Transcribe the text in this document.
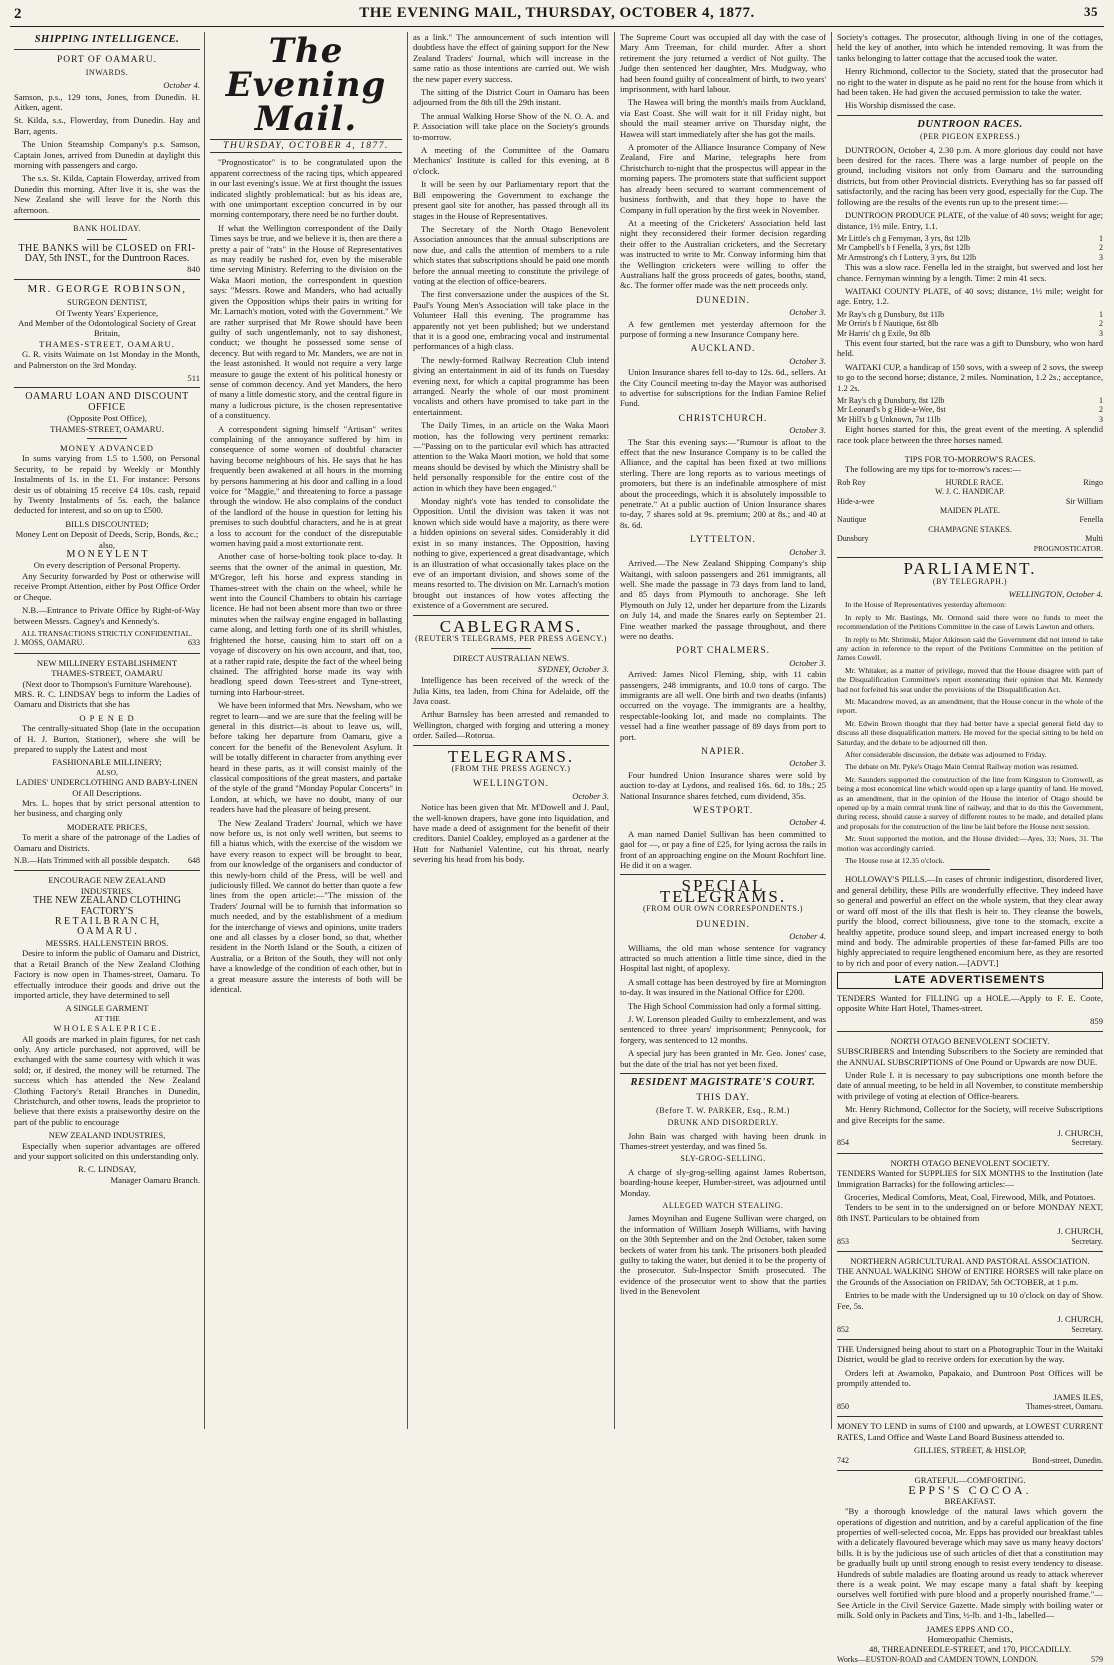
2	THE EVENING MAIL, THURSDAY, OCTOBER 4, 1877.	35
SHIPPING INTELLIGENCE.
PORT OF OAMARU.
INWARDS.
October 4.

Samson, p.s., 129 tons, Jones, from Dunedin. H. Aitken, agent.

St. Kilda, s.s., Flowerday, from Dunedin. Hay and Barr, agents.

The Union Steamship Company's p.s. Samson, Captain Jones, arrived from Dunedin at daylight this morning with passengers and cargo.

The s.s. St. Kilda, Captain Flowerday, arrived from Dunedin this morning. After live it is, she was the New Zealand she will leave for the North this afternoon.

BANK HOLIDAY.
THE BANKS will be CLOSED on FRI-
DAY, 5th INST., for the Duntroon Races.
840
MR. GEORGE ROBINSON,
SURGEON DENTIST,
Of Twenty Years' Experience,
And Member of the Odontological Society of Great Britain,
THAMES-STREET, OAMARU.

G. R. visits Waimate on 1st Monday in the Month, and Palmerston on the 3rd Monday.

511
OAMARU LOAN AND DISCOUNT OFFICE
(Opposite Post Office),
THAMES-STREET, OAMARU.
MONEY ADVANCED

In sums varying from 1.5 to 1.500, on Personal Security, to be repaid by Weekly or Monthly Instalments of 1s. in the £1. For instance: Persons desir us of obtaining 15 receive £4 10s. cash, repaid by Twenty Instalments of 5s. each, the balance deducted for interest, and so on up to £500.

BILLS DISCOUNTED;
Money Lent on Deposit of Deeds, Scrip, Bonds, &c.; also,
M O N E Y L E N T
On every description of Personal Property.

Any Security forwarded by Post or otherwise will receive Prompt Attention, either by Post Office Order or Cheque.

N.B.—Entrance to Private Office by Right-of-Way between Messrs. Cagney's and Kennedy's.

ALL TRANSACTIONS STRICTLY CONFIDENTIAL.
J. MOSS, OAMARU.	633
NEW MILLINERY ESTABLISHMENT
THAMES-STREET, OAMARU
(Next door to Thompson's Furniture Warehouse).

MRS. R. C. LINDSAY begs to inform the Ladies of Oamaru and Districts that she has

O P E N E D

The centrally-situated Shop (late in the occupation of H. J. Burton, Stationer), where she will be prepared to supply the Latest and most

FASHIONABLE MILLINERY;
ALSO,
LADIES' UNDERCLOTHING AND BABY-LINEN
Of All Descriptions.

Mrs. L. hopes that by strict personal attention to her business, and charging only

MODERATE PRICES,

To merit a share of the patronage of the Ladies of Oamaru and Districts.

N.B.—Hats Trimmed with all possible despatch. 648
ENCOURAGE NEW ZEALAND
INDUSTRIES.
THE NEW ZEALAND CLOTHING
FACTORY'S
R E T A I L B R A N C H,
O A M A R U .
MESSRS. HALLENSTEIN BROS.

Desire to inform the public of Oamaru and District, that a Retail Branch of the New Zealand Clothing Factory is now open in Thames-street, Oamaru. To effectually introduce their goods and drive out the imported article, they have determined to sell

A SINGLE GARMENT
AT THE
W H O L E S A L E P R I C E .

All goods are marked in plain figures, for net cash only. Any article purchased, not approved, will be exchanged with the same courtesy with which it was sold; or, if desired, the money will be returned. The success which has attended the New Zealand Clothing Factory's Retail Branches in Dunedin, Christchurch, and other towns, leads the proprietor to believe that there exists a praiseworthy desire on the part of the public to encourage

NEW ZEALAND INDUSTRIES,

Especially when superior advantages are offered and your support solicited on this understanding only.

R. C. LINDSAY,
Manager Oamaru Branch.
The Evening Mail.
THURSDAY, OCTOBER 4, 1877.

"Prognosticator" is to be congratulated upon the apparent correctness of the racing tips, which appeared in our last evening's issue. We at first thought the issues indicated slightly problematical: but as his ideas are, with one unimportant exception concurred in by our morning contemporary, there need be no further doubt.

If what the Wellington correspondent of the Daily Times says be true, and we believe it is, then are there a pretty a pair of "rats" in the House of Representatives as may readily be rushed for, even by the miserable time serving Ministry. Referring to the division on the Waka Maori motion, the correspondent in question says: "Messrs. Rowe and Manders, who had actually given the Opposition whips their pairs in writing for Mr. Larnach's motion, voted with the Government." We are rather surprised that Mr Rowe should have been guilty of such ungentlemanly, not to say dishonest, conduct; we thought he possessed some sense of decency. But with regard to Mr. Manders, we are not in the least astonished. It would not require a very large measure to gauge the extent of his political honesty or sense of common decency. And yet Manders, the hero of many a little domestic story, and the central figure in many a ludicrous picture, is the chosen representative of a constituency.

A correspondent signing himself "Artisan" writes complaining of the annoyance suffered by him in consequence of some women of doubtful character having become neighbours of his. He says that he has frequently been awakened at all hours in the morning by persons hammering at his door and calling in a loud voice for "Maggie," and threatening to force a passage through the window. He also complains of the conduct of the landlord of the house in question for letting his premises to such doubtful characters, and he is at great a loss to account for the conduct of the disreputable women having paid a most extortionate rent.

Another case of horse-bolting took place to-day. It seems that the owner of the animal in question, Mr. M'Gregor, left his horse and express standing in Thames-street with the chain on the wheel, while he went into the Council Chambers to obtain his carriage licence. He had not been absent more than two or three minutes when the railway engine engaged in ballasting came along, and letting forth one of its shrill whistles, frightened the horse, causing him to start off on a voyage of discovery on his own account, and that, too, at a rather rapid rate, despite the fact of the wheel being chained. The affrighted horse made its way with headlong speed down Tees-street and Tyne-street, turning into Harbour-street.

We have been informed that Mrs. Newsham, who we regret to learn—and we are sure that the feeling will be general in this district—is about to leave us, will, before taking her departure from Oamaru, give a concert for the benefit of the Benevolent Asylum. It will be totally different in character from anything ever heard in these parts, as it will consist mainly of the classical compositions of the great masters, and partake of the style of the grand "Monday Popular Concerts" in London, at which, we have no doubt, many of our readers have had the pleasure of being present.

The New Zealand Traders' Journal, which we have now before us, is not only well written, but seems to fill a hiatus which, with the exercise of the wisdom we have every reason to expect will be brought to bear, from our knowledge of the organisers and conductor of this newly-born child of the Press, will be well and judiciously filled. We cannot do better than quote a few lines from the open article:—"The mission of the Traders' Journal will be to furnish that information so much needed, and by the establishment of a medium for the interchange of views and opinions, unite traders one and all classes by a closer bond, so that, whether resident in the North Island or the South, a citizen of Australia, or a Briton of the South, they will not only have a knowledge of the condition of each other, but in a great measure assure the interests of both will be identical.

as a link." The announcement of such intention will doubtless have the effect of gaining support for the New Zealand Traders' Journal, which will increase in the same ratio as those intentions are carried out. We wish the new paper every success.

The sitting of the District Court in Oamaru has been adjourned from the 8th till the 29th instant.

The annual Walking Horse Show of the N. O. A. and P. Association will take place on the Society's grounds to-morrow.

A meeting of the Committee of the Oamaru Mechanics' Institute is called for this evening, at 8 o'clock.

It will be seen by our Parliamentary report that the Bill empowering the Government to exchange the present gaol site for another, has passed through all its stages in the House of Representatives.

The Secretary of the North Otago Benevolent Association announces that the annual subscriptions are now due, and calls the attention of members to a rule which states that subscriptions should be paid one month before the annual meeting to constitute the privilege of voting at the election of office-bearers.

The first conversazione under the auspices of the St. Paul's Young Men's Association will take place in the Volunteer Hall this evening. The programme has apparently not yet been published; but we understand that it is a good one, embracing vocal and instrumental performances of a high class.

The newly-formed Railway Recreation Club intend giving an entertainment in aid of its funds on Tuesday evening next, for which a capital programme has been arranged. Nearly the whole of our most prominent vocalists and others have promised to take part in the entertainment.

The Daily Times, in an article on the Waka Maori motion, has the following very pertinent remarks:—"Passing on to the particular evil which has attracted attention to the Waka Maori motion, we hold that some means should be devised by which the Ministry shall be held personally responsible for the entire cost of the action in which they have been engaged."

Monday night's vote has tended to consolidate the Opposition. Until the division was taken it was not known which side would have a majority, as there were a hidden opinions on several sides. Considerably it did exist in so many instances. The Opposition, having nothing to give, experienced a great disadvantage, which is an illustration of what occasionally takes place on the eve of an important division, and shows some of the means resorted to. The division on Mr. Larnach's motion brought out instances of how votes affecting the existence of a Government are secured.

CABLEGRAMS.
(REUTER'S TELEGRAMS, PER PRESS AGENCY.)
DIRECT AUSTRALIAN NEWS.
SYDNEY, October 3.

Intelligence has been received of the wreck of the Julia Kitts, tea laden, from China for Adelaide, off the Java coast.

Arthur Barnsley has been arrested and remanded to Wellington, charged with forging and uttering a money order. Sailed—Rotorua.

TELEGRAMS.
(FROM THE PRESS AGENCY.)
WELLINGTON.
October 3.

Notice has been given that Mr. M'Dowell and J. Paul, the well-known drapers, have gone into liquidation, and have made a deed of assignment for the benefit of their creditors. Daniel Coakley, employed as a gardener at the Hutt for Nathaniel Valentine, cut his throat, nearly severing his head from his body.

The Supreme Court was occupied all day with the case of Mary Ann Treeman, for child murder. After a short retirement the jury returned a verdict of Not guilty. The Judge then sentenced her daughter, Mrs. Mudgway, who had been found guilty of concealment of birth, to two years' imprisonment, with hard labour.

The Hawea will bring the month's mails from Auckland, via East Coast. She will wait for it till Friday night, but should the mail steamer arrive on Thursday night, the Hawea will start immediately after she has got the mails.

A promoter of the Alliance Insurance Company of New Zealand, Fire and Marine, telegraphs here from Christchurch to-night that the prospectus will appear in the morning papers. The promoters state that sufficient support has already been secured to warrant commencement of business forthwith, and that they hope to have the Company in full operation by the first week in November.

At a meeting of the Cricketers' Association held last night they reconsidered their former decision regarding their offer to the Australian cricketers, and the Secretary was instructed to write to Mr. Conway informing him that the Wellington cricketers were willing to offer the Australians half the gross proceeds of gates, booths, stand, &c. The former offer made was the nett proceeds only.

DUNEDIN.
October 3.

A few gentlemen met yesterday afternoon for the purpose of forming a new Insurance Company here.

AUCKLAND.
October 3.

Union Insurance shares fell to-day to 12s. 6d., sellers. At the City Council meeting to-day the Mayor was authorised to advertise for subscriptions for the Indian Famine Relief Fund.

CHRISTCHURCH.
October 3.

The Star this evening says:—"Rumour is afloat to the effect that the new Insurance Company is to be called the Alliance, and the capital has been fixed at two millions sterling. There are long reports as to various meetings of promoters, but there is an indefinable atmosphere of mist about the proceedings, which it is absolutely impossible to penetrate." At a public auction of Union Insurance shares to-day, 7 shares sold at 9s. premium; 200 at 8s.; and 40 at 8s. 6d.

LYTTELTON.
October 3.

Arrived.—The New Zealand Shipping Company's ship Waitangi, with saloon passengers and 261 immigrants, all well. She made the passage in 73 days from land to land, and 85 days from Plymouth to anchorage. She left Plymouth on July 12, under her departure from the Lizards on July 14, and made the Snares early on September 21. Fine weather marked the passage throughout, and there were no deaths.

PORT CHALMERS.
October 3.

Arrived: James Nicol Fleming, ship, with 11 cabin passengers, 248 immigrants, and 10.0 tons of cargo. The immigrants are all well. One birth and two deaths (infants) occurred on the voyage. The immigrants are a healthy, respectable-looking lot, and made no complaints. The vessel had a fine weather passage of 89 days from port to port.

NAPIER.
October 3.

Four hundred Union Insurance shares were sold by auction to-day at Lydons, and realised 16s. 6d. to 18s.; 25 National Insurance shares fetched, cum dividend, 35s.

WESTPORT.
October 4.

A man named Daniel Sullivan has been committed to gaol for —, or pay a fine of £25, for lying across the rails in front of an approaching engine on the Mount Rochfort line. He did it on a wager.

SPECIAL TELEGRAMS.
(FROM OUR OWN CORRESPONDENTS.)
DUNEDIN.
October 4.

Williams, the old man whose sentence for vagrancy attracted so much attention a little time since, died in the Hospital last night, of apoplexy.

A small cottage has been destroyed by fire at Mornington to-day. It was insured in the National Office for £200.

The High School Commission had only a formal sitting.

J. W. Lorenson pleaded Guilty to embezzlement, and was sentenced to three years' imprisonment; Pennycook, for forgery, was sentenced to 12 months.

A special jury has been granted in Mr. Geo. Jones' case, but the date of the trial has not yet been fixed.

RESIDENT MAGISTRATE'S COURT.
THIS DAY.
(Before T. W. PARKER, Esq., R.M.)
DRUNK AND DISORDERLY.

John Bain was charged with having been drunk in Thames-street yesterday, and was fined 5s.

SLY-GROG-SELLING.

A charge of sly-grog-selling against James Robertson, boarding-house keeper, Humber-street, was adjourned until Monday.

ALLEGED WATCH STEALING.

James Moynihan and Eugene Sullivan were charged, on the information of William Joseph Williams, with having on the 30th September and on the 2nd October, taken some beckets of water from his tank. The prisoners both pleaded guilty to taking the water, but denied it to be the property of the prosecutor. Sub-Inspector Smith prosecuted. The evidence of the prosecutor went to show that the parties lived in the Benevolent

Society's cottages. The prosecutor, although living in one of the cottages, held the key of another, into which he intended removing. It was from the tanks belonging to latter cottage that the accused took the water.

Henry Richmond, collector to the Society, stated that the prosecutor had no right to the water in dispute as he paid no rent for the house from which it had been taken. He had given the accused permission to take the water.

His Worship dismissed the case.

DUNTROON RACES.
(PER PIGEON EXPRESS.)

DUNTROON, October 4, 2.30 p.m. A more glorious day could not have been desired for the races. There was a large number of people on the ground, including visitors not only from Oamaru and the surrounding districts, but from other Provincial districts. Everything has so far passed off satisfactorily, and the racing has been very good, especially for the Cup. The following are the results of the events run up to the present time:—

DUNTROON PRODUCE PLATE, of the value of 40 sovs; weight for age; distance, 1½ mile. Entry, 1.1.

Mr Little's ch g Fernyman, 3 yrs, 8st 12lb	1
Mr Campbell's b f Fenella, 3 yrs, 8st 12lb	2
Mr Armstrong's ch f Lottery, 3 yrs, 8st 12lb	3

This was a slow race. Fenella led in the straight, but swerved and lost her chance. Fernyman winning by a length. Time: 2 min 41 secs.

WAITAKI COUNTY PLATE, of 40 sovs; distance, 1½ mile; weight for age. Entry, 1.2.

Mr Ray's ch g Dunsbury, 8st 11lb	1
Mr Orrin's b f Nautique, 6st 8lb	2
Mr Harris' ch g Exile, 9st 8lb	3

This event four started, but the race was a gift to Dunsbury, who won hard held.

WAITAKI CUP, a handicap of 150 sovs, with a sweep of 2 sovs, the sweep to go to the second horse; distance, 2 miles. Nomination, 1.2 2s.; acceptance, 1.2 2s.

Mr Ray's ch g Dunsbury, 8st 12lb	1
Mr Leonard's b g Hide-a-Wee, 8st	2
Mr Hill's b g Unknown, 7st 11lb	3

Eight horses started for this, the great event of the meeting. A splendid race took place between the three horses named.

TIPS FOR TO-MORROW'S RACES.

The following are my tips for to-morrow's races:—

Rob Roy	HURDLE RACE.	Ringo
W. J. C. HANDICAP.
Hide-a-wee	Sir William
MAIDEN PLATE.
Nautique	Fenella
CHAMPAGNE STAKES.
Dunsbury	Multi
PROGNOSTICATOR.
PARLIAMENT.
(BY TELEGRAPH.)
WELLINGTON, October 4.

In the House of Representatives yesterday afternoon:

In reply to Mr. Bastings, Mr. Ormond said there were no funds to meet the recommendation of the Petitions Committee in the case of Lewis Lawton and others.

In reply to Mr. Shrimski, Major Atkinson said the Government did not intend to take any action in reference to the report of the Petitions Committee on the petition of James Cowell.

Mr. Whitaker, as a matter of privilege, moved that the House disagree with part of the Disqualification Committee's report exonerating their opinion that Mr. Kennedy had not forfeited his seat under the provisions of the Disqualification Act.

Mr. Macandrew moved, as an amendment, that the House concur in the whole of the report.

Mr. Edwin Brown thought that they had better have a special general field day to discuss all these disqualification matters. He moved for the special sitting to be held on Saturday, and the debate to be adjourned till then.

After considerable discussion, the debate was adjourned to Friday.

The debate on Mr. Pyke's Otago Main Central Railway motion was resumed.

Mr. Saunders supported the construction of the line from Kingston to Cromwell, as being a most economical line which would open up a large quantity of land. He moved, as an amendment, that in the opinion of the House the interior of Otago should be opened up by a main central trunk line of railway, and that to do this the Government, during recess, should cause a survey of different routes to be made, and detailed plans and proposals for the construction of the line be laid before the House next session.

Mr. Stout supported the motion, and the House divided:—Ayes, 33; Noes, 31. The motion was accordingly carried.

The House rose at 12.35 o'clock.

HOLLOWAY'S PILLS.—In cases of chronic indigestion, disordered liver, and general debility, these Pills are wonderfully effective. They indeed have so general and powerful an effect on the whole system, that they clear away or ward off most of the ills that flesh is heir to. They cleanse the bowels, purify the blood, correct biliousness, give tone to the stomach, excite a healthy appetite, produce sound sleep, and impart increased energy to both mind and body. The admirable properties of these far-famed Pills are too highly appreciated to require lengthened encomium here, as they are resorted to by rich and poor of every nation.—[ADVT.]

LATE ADVERTISEMENTS

TENDERS Wanted for FILLING up a HOLE.—Apply to F. E. Coote, opposite White Hart Hotel, Thames-street.

859
NORTH OTAGO BENEVOLENT SOCIETY.

SUBSCRIBERS and Intending Subscribers to the Society are reminded that the ANNUAL SUBSCRIPTIONS of One Pound or Upwards are now DUE.

Under Rule I. it is necessary to pay subscriptions one month before the date of annual meeting, to be held in all November, to constitute membership with privilege of voting at election of Office-bearers.

Mr. Henry Richmond, Collector for the Society, will receive Subscriptions and give Receipts for the same.

J. CHURCH,
854	Secretary.
NORTH OTAGO BENEVOLENT SOCIETY.

TENDERS Wanted for SUPPLIES for SIX MONTHS to the Institution (late Immigration Barracks) for the following articles:—

Groceries, Medical Comforts, Meat, Coal, Firewood, Milk, and Potatoes.

Tenders to be sent in to the undersigned on or before MONDAY NEXT, 8th INST. Particulars to be obtained from

J. CHURCH,
853	Secretary.
NORTHERN AGRICULTURAL AND PASTORAL ASSOCIATION.

THE ANNUAL WALKING SHOW of ENTIRE HORSES will take place on the Grounds of the Association on FRIDAY, 5th OCTOBER, at 1 p.m.

Entries to be made with the Undersigned up to 10 o'clock on day of Show. Fee, 5s.

J. CHURCH,
852	Secretary.

THE Undersigned being about to start on a Photographic Tour in the Waitaki District, would be glad to receive orders for execution by the way.

Orders left at Awamoko, Papakaio, and Duntroon Post Offices will be promptly attended to.

JAMES ILES,
850	Thames-street, Oamaru.

MONEY TO LEND in sums of £100 and upwards, at LOWEST CURRENT RATES, Land Office and Waste Land Board Business attended to.

GILLIES, STREET, & HISLOP,
742	Bond-street, Dunedin.
GRATEFUL—COMFORTING.
EPPS'S COCOA.
BREAKFAST.

"By a thorough knowledge of the natural laws which govern the operations of digestion and nutrition, and by a careful application of the fine properties of well-selected cocoa, Mr. Epps has provided our breakfast tables with a delicately flavoured beverage which may save us many heavy doctors' bills. It is by the judicious use of such articles of diet that a constitution may be gradually built up until strong enough to resist every tendency to disease. Hundreds of subtle maladies are floating around us ready to attack wherever there is a weak point. We may escape many a fatal shaft by keeping ourselves well fortified with pure blood and a properly nourished frame."—See Article in the Civil Service Gazette. Made simply with boiling water or milk. Sold only in Packets and Tins, ½-lb. and 1-lb., labelled—

JAMES EPPS AND CO.,
Homœopathic Chemists,
48, THREADNEEDLE-STREET, and 170, PICCADILLY.
Works—EUSTON-ROAD and CAMDEN TOWN, LONDON.	579
